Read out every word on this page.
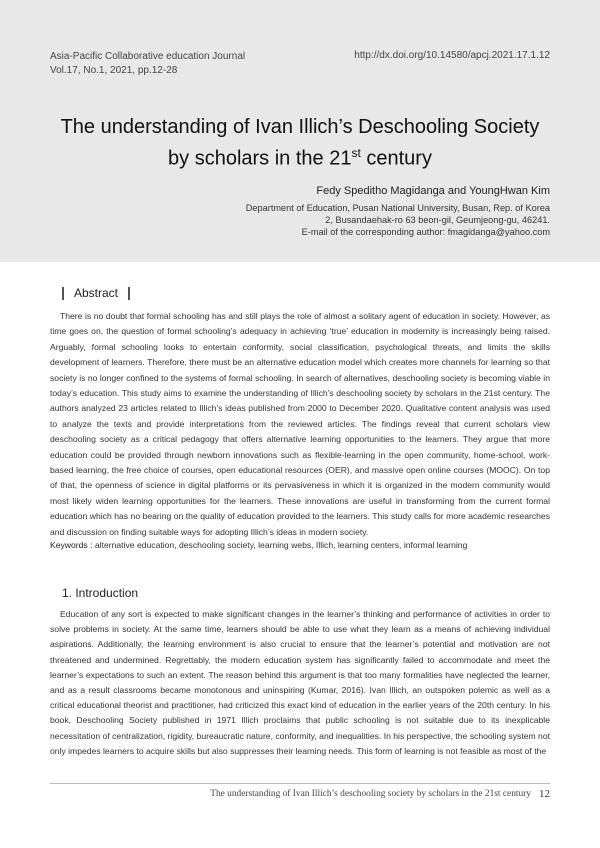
Asia-Pacific Collaborative education Journal
Vol.17, No.1, 2021, pp.12-28
http://dx.doi.org/10.14580/apcj.2021.17.1.12
The understanding of Ivan Illich’s Deschooling Society
by scholars in the 21st century
Fedy Speditho Magidanga and YoungHwan Kim
Department of Education, Pusan National University, Busan, Rep. of Korea
2, Busandaehak-ro 63 beon-gil, Geumjeong-gu, 46241.
E-mail of the corresponding author: fmagidanga@yahoo.com
Abstract

There is no doubt that formal schooling has and still plays the role of almost a solitary agent of education in society. However, as time goes on, the question of formal schooling’s adequacy in achieving ‘true’ education in modernity is increasingly being raised. Arguably, formal schooling looks to entertain conformity, social classification, psychological threats, and limits the skills development of learners. Therefore, there must be an alternative education model which creates more channels for learning so that society is no longer confined to the systems of formal schooling. In search of alternatives, deschooling society is becoming viable in today’s education. This study aims to examine the understanding of Illich’s deschooling society by scholars in the 21st century. The authors analyzed 23 articles related to Illich’s ideas published from 2000 to December 2020. Qualitative content analysis was used to analyze the texts and provide interpretations from the reviewed articles. The findings reveal that current scholars view deschooling society as a critical pedagogy that offers alternative learning opportunities to the learners. They argue that more education could be provided through newborn innovations such as flexible-learning in the open community, home-school, work-based learning, the free choice of courses, open educational resources (OER), and massive open online courses (MOOC). On top of that, the openness of science in digital platforms or its pervasiveness in which it is organized in the modern community would most likely widen learning opportunities for the learners. These innovations are useful in transforming from the current formal education which has no bearing on the quality of education provided to the learners. This study calls for more academic researches and discussion on finding suitable ways for adopting Illich’s ideas in modern society.

Keywords : alternative education, deschooling society, learning webs, Illich, learning centers, informal learning
1. Introduction

Education of any sort is expected to make significant changes in the learner’s thinking and performance of activities in order to solve problems in society. At the same time, learners should be able to use what they learn as a means of achieving individual aspirations. Additionally, the learning environment is also crucial to ensure that the learner’s potential and motivation are not threatened and undermined. Regrettably, the modern education system has significantly failed to accommodate and meet the learner’s expectations to such an extent. The reason behind this argument is that too many formalities have neglected the learner, and as a result classrooms became monotonous and uninspiring (Kumar, 2016). Ivan Illich, an outspoken polemic as well as a critical educational theorist and practitioner, had criticized this exact kind of education in the earlier years of the 20th century. In his book, Deschooling Society published in 1971 Illich proclaims that public schooling is not suitable due to its inexplicable necessitation of centralization, rigidity, bureaucratic nature, conformity, and inequalities. In his perspective, the schooling system not only impedes learners to acquire skills but also suppresses their learning needs. This form of learning is not feasible as most of the

The understanding of Ivan Illich’s deschooling society by scholars in the 21st century 12
